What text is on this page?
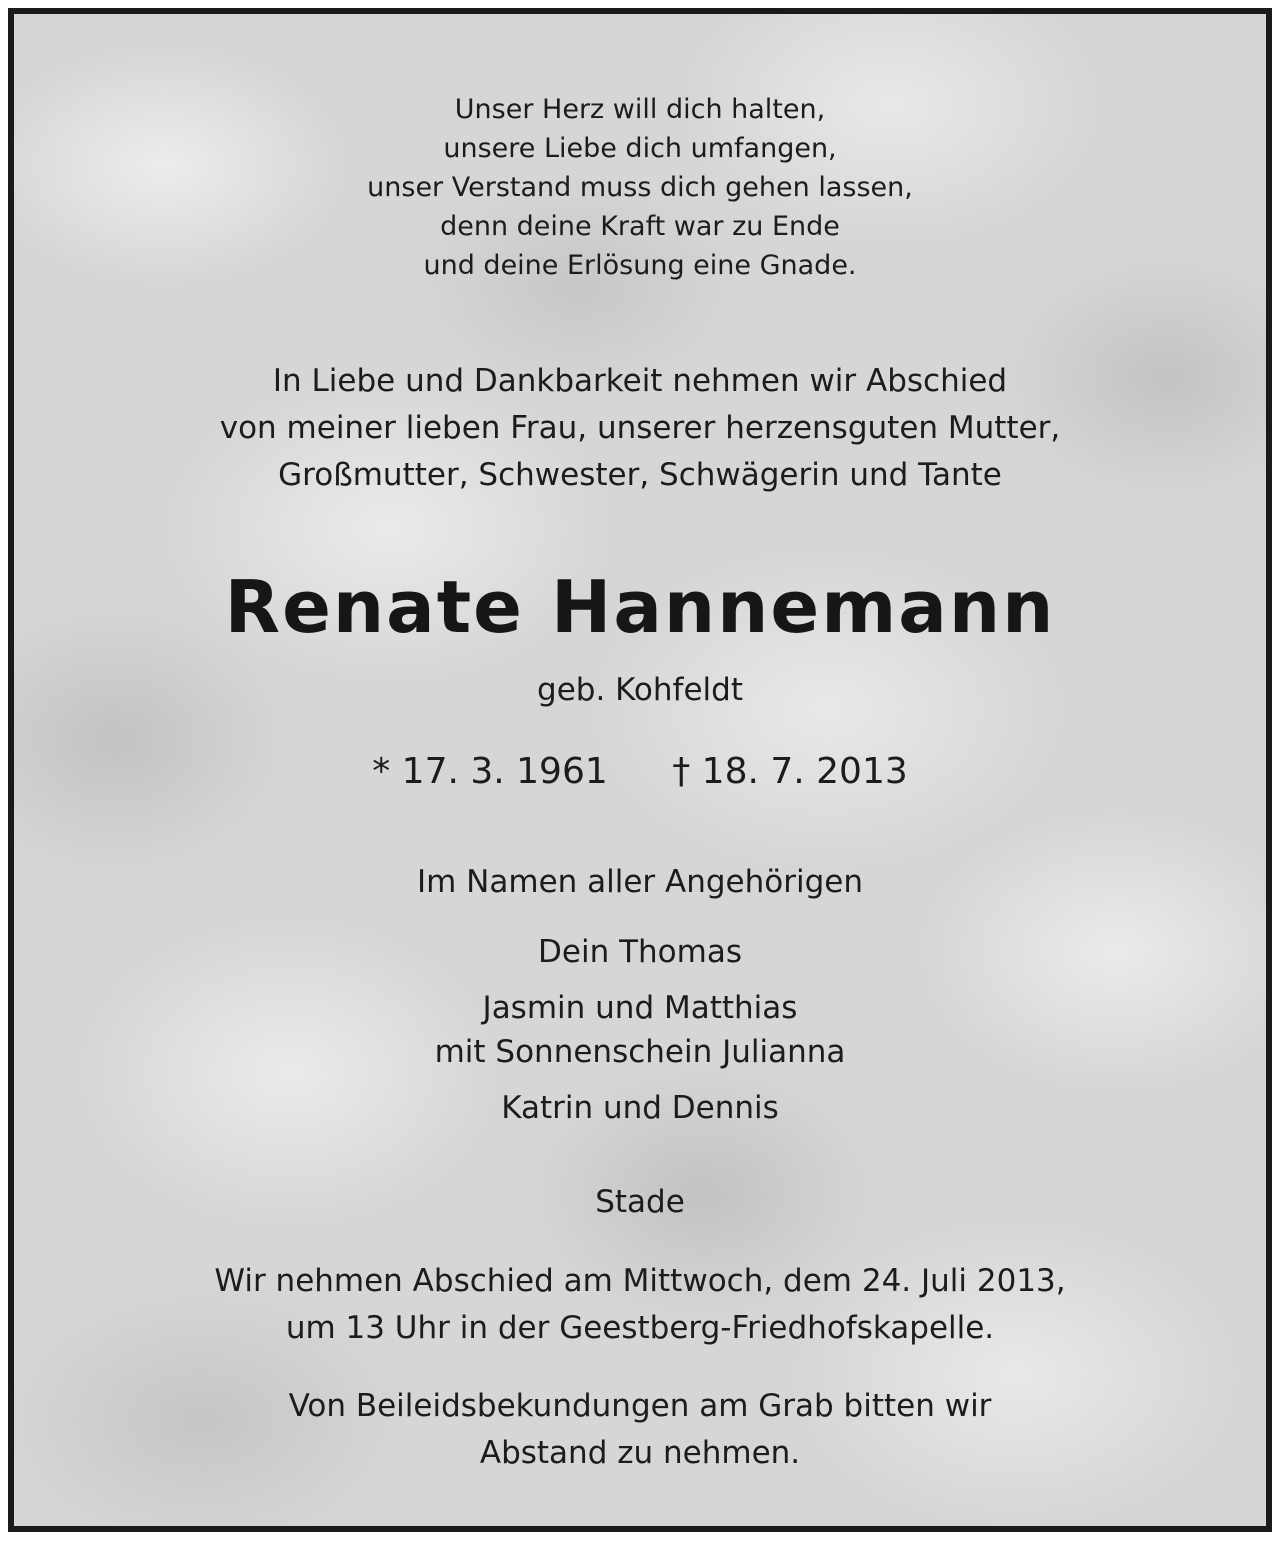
Unser Herz will dich halten,
unsere Liebe dich umfangen,
unser Verstand muss dich gehen lassen,
denn deine Kraft war zu Ende
und deine Erlösung eine Gnade.

In Liebe und Dankbarkeit nehmen wir Abschied
von meiner lieben Frau, unserer herzensguten Mutter,
Großmutter, Schwester, Schwägerin und Tante

Renate Hannemann

geb. Kohfeldt

* 17. 3. 1961 † 18. 7. 2013

Im Namen aller Angehörigen

Dein Thomas
Jasmin und Matthias
mit Sonnenschein Julianna
Katrin und Dennis

Stade

Wir nehmen Abschied am Mittwoch, dem 24. Juli 2013,
um 13 Uhr in der Geestberg-Friedhofskapelle.

Von Beileidsbekundungen am Grab bitten wir
Abstand zu nehmen.
